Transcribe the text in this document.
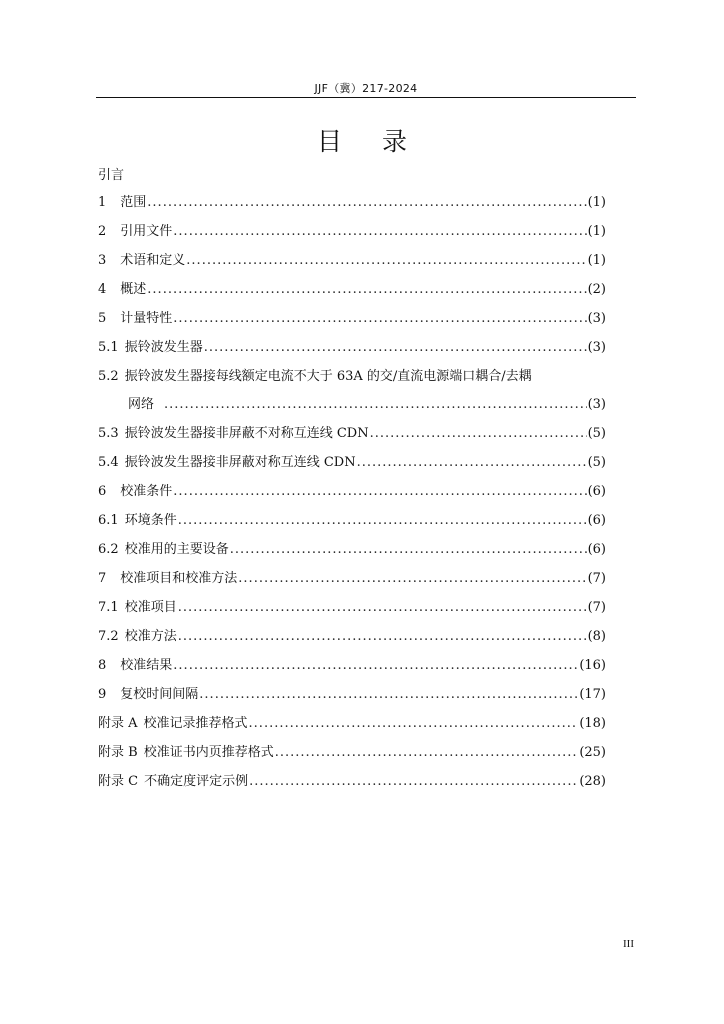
JJF（冀）217-2024
目录
引言
1 范围 .....	(1)
2 引用文件 .....	(1)
3 术语和定义 .....	(1)
4 概述 .....	(2)
5 计量特性 .....	(3)
5.1 振铃波发生器 .....	(3)
5.2 振铃波发生器接每线额定电流不大于 63A 的交/直流电源端口耦合/去耦
网络 .....	(3)
5.3 振铃波发生器接非屏蔽不对称互连线 CDN .....	(5)
5.4 振铃波发生器接非屏蔽对称互连线 CDN .....	(5)
6 校准条件 .....	(6)
6.1 环境条件 .....	(6)
6.2 校准用的主要设备 .....	(6)
7 校准项目和校准方法 .....	(7)
7.1 校准项目 .....	(7)
7.2 校准方法 .....	(8)
8 校准结果 .....	(16)
9 复校时间间隔 .....	(17)
附录 A 校准记录推荐格式 .....	(18)
附录 B 校准证书内页推荐格式 .....	(25)
附录 C 不确定度评定示例 .....	(28)
III
